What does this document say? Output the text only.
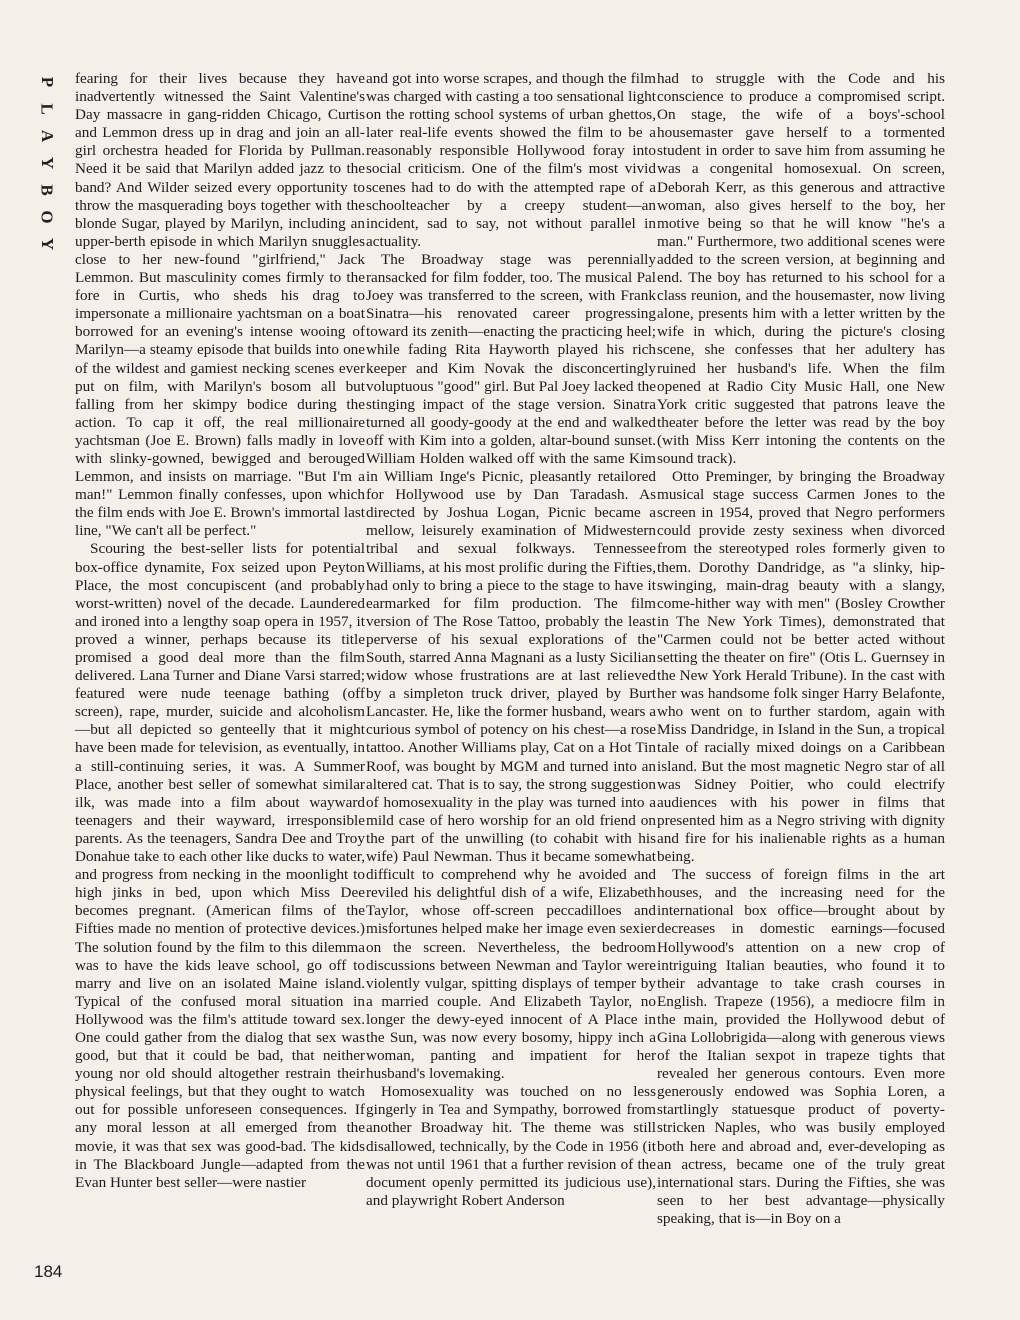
P
L
A
Y
B
O
Y

fearing for their lives because they have inadvertently witnessed the Saint Valentine's Day massacre in gang-ridden Chicago, Curtis and Lemmon dress up in drag and join an all-girl orchestra headed for Florida by Pullman. Need it be said that Marilyn added jazz to the band? And Wilder seized every opportunity to throw the masquerading boys together with the blonde Sugar, played by Marilyn, including an upper-berth episode in which Marilyn snuggles close to her new-found "girlfriend," Jack Lemmon. But masculinity comes firmly to the fore in Curtis, who sheds his drag to impersonate a millionaire yachtsman on a boat borrowed for an evening's intense wooing of Marilyn—a steamy episode that builds into one of the wildest and gamiest necking scenes ever put on film, with Marilyn's bosom all but falling from her skimpy bodice during the action. To cap it off, the real millionaire yachtsman (Joe E. Brown) falls madly in love with slinky-gowned, bewigged and berouged Lemmon, and insists on marriage. "But I'm a man!" Lemmon finally confesses, upon which the film ends with Joe E. Brown's immortal last line, "We can't all be perfect."

Scouring the best-seller lists for potential box-office dynamite, Fox seized upon Peyton Place, the most concupiscent (and probably worst-written) novel of the decade. Laundered and ironed into a lengthy soap opera in 1957, it proved a winner, perhaps because its title promised a good deal more than the film delivered. Lana Turner and Diane Varsi starred; featured were nude teenage bathing (off screen), rape, murder, suicide and alcoholism—but all depicted so genteelly that it might have been made for television, as eventually, in a still-continuing series, it was. A Summer Place, another best seller of somewhat similar ilk, was made into a film about wayward teenagers and their wayward, irresponsible parents. As the teenagers, Sandra Dee and Troy Donahue take to each other like ducks to water, and progress from necking in the moonlight to high jinks in bed, upon which Miss Dee becomes pregnant. (American films of the Fifties made no mention of protective devices.) The solution found by the film to this dilemma was to have the kids leave school, go off to marry and live on an isolated Maine island. Typical of the confused moral situation in Hollywood was the film's attitude toward sex. One could gather from the dialog that sex was good, but that it could be bad, that neither young nor old should altogether restrain their physical feelings, but that they ought to watch out for possible unforeseen consequences. If any moral lesson at all emerged from the movie, it was that sex was good-bad. The kids in The Blackboard Jungle—adapted from the Evan Hunter best seller—were nastier

and got into worse scrapes, and though the film was charged with casting a too sensational light on the rotting school systems of urban ghettos, later real-life events showed the film to be a reasonably responsible Hollywood foray into social criticism. One of the film's most vivid scenes had to do with the attempted rape of a schoolteacher by a creepy student—an incident, sad to say, not without parallel in actuality.

The Broadway stage was perennially ransacked for film fodder, too. The musical Pal Joey was transferred to the screen, with Frank Sinatra—his renovated career progressing toward its zenith—enacting the practicing heel; while fading Rita Hayworth played his rich keeper and Kim Novak the disconcertingly voluptuous "good" girl. But Pal Joey lacked the stinging impact of the stage version. Sinatra turned all goody-goody at the end and walked off with Kim into a golden, altar-bound sunset. William Holden walked off with the same Kim in William Inge's Picnic, pleasantly retailored for Hollywood use by Dan Taradash. As directed by Joshua Logan, Picnic became a mellow, leisurely examination of Midwestern tribal and sexual folkways. Tennessee Williams, at his most prolific during the Fifties, had only to bring a piece to the stage to have it earmarked for film production. The film version of The Rose Tattoo, probably the least perverse of his sexual explorations of the South, starred Anna Magnani as a lusty Sicilian widow whose frustrations are at last relieved by a simpleton truck driver, played by Burt Lancaster. He, like the former husband, wears a curious symbol of potency on his chest—a rose tattoo. Another Williams play, Cat on a Hot Tin Roof, was bought by MGM and turned into an altered cat. That is to say, the strong suggestion of homosexuality in the play was turned into a mild case of hero worship for an old friend on the part of the unwilling (to cohabit with his wife) Paul Newman. Thus it became somewhat difficult to comprehend why he avoided and reviled his delightful dish of a wife, Elizabeth Taylor, whose off-screen peccadilloes and misfortunes helped make her image even sexier on the screen. Nevertheless, the bedroom discussions between Newman and Taylor were violently vulgar, spitting displays of temper by a married couple. And Elizabeth Taylor, no longer the dewy-eyed innocent of A Place in the Sun, was now every bosomy, hippy inch a woman, panting and impatient for her husband's lovemaking.

Homosexuality was touched on no less gingerly in Tea and Sympathy, borrowed from another Broadway hit. The theme was still disallowed, technically, by the Code in 1956 (it was not until 1961 that a further revision of the document openly permitted its judicious use), and playwright Robert Anderson

had to struggle with the Code and his conscience to produce a compromised script. On stage, the wife of a boys'-school housemaster gave herself to a tormented student in order to save him from assuming he was a congenital homosexual. On screen, Deborah Kerr, as this generous and attractive woman, also gives herself to the boy, her motive being so that he will know "he's a man." Furthermore, two additional scenes were added to the screen version, at beginning and end. The boy has returned to his school for a class reunion, and the housemaster, now living alone, presents him with a letter written by the wife in which, during the picture's closing scene, she confesses that her adultery has ruined her husband's life. When the film opened at Radio City Music Hall, one New York critic suggested that patrons leave the theater before the letter was read by the boy (with Miss Kerr intoning the contents on the sound track).

Otto Preminger, by bringing the Broadway musical stage success Carmen Jones to the screen in 1954, proved that Negro performers could provide zesty sexiness when divorced from the stereotyped roles formerly given to them. Dorothy Dandridge, as "a slinky, hip-swinging, main-drag beauty with a slangy, come-hither way with men" (Bosley Crowther in The New York Times), demonstrated that "Carmen could not be better acted without setting the theater on fire" (Otis L. Guernsey in the New York Herald Tribune). In the cast with her was handsome folk singer Harry Belafonte, who went on to further stardom, again with Miss Dandridge, in Island in the Sun, a tropical tale of racially mixed doings on a Caribbean island. But the most magnetic Negro star of all was Sidney Poitier, who could electrify audiences with his power in films that presented him as a Negro striving with dignity and fire for his inalienable rights as a human being.

The success of foreign films in the art houses, and the increasing need for the international box office—brought about by decreases in domestic earnings—focused Hollywood's attention on a new crop of intriguing Italian beauties, who found it to their advantage to take crash courses in English. Trapeze (1956), a mediocre film in the main, provided the Hollywood debut of Gina Lollobrigida—along with generous views of the Italian sexpot in trapeze tights that revealed her generous contours. Even more generously endowed was Sophia Loren, a startlingly statuesque product of poverty-stricken Naples, who was busily employed both here and abroad and, ever-developing as an actress, became one of the truly great international stars. During the Fifties, she was seen to her best advantage—physically speaking, that is—in Boy on a

184
